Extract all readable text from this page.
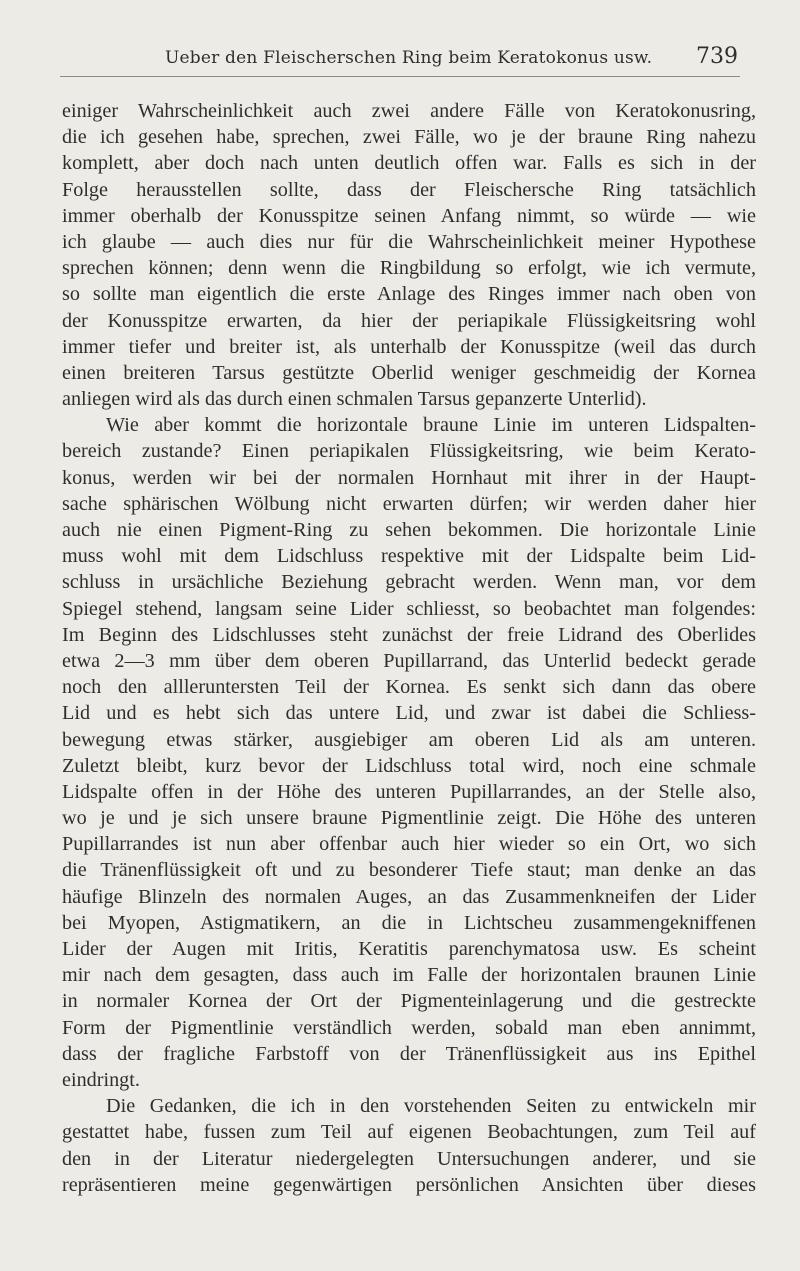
Ueber den Fleischerschen Ring beim Keratokonus usw. 739
einiger Wahrscheinlichkeit auch zwei andere Fälle von Keratokonusring,
die ich gesehen habe, sprechen, zwei Fälle, wo je der braune Ring nahezu
komplett, aber doch nach unten deutlich offen war. Falls es sich in der
Folge herausstellen sollte, dass der Fleischersche Ring tatsächlich
immer oberhalb der Konusspitze seinen Anfang nimmt, so würde — wie
ich glaube — auch dies nur für die Wahrscheinlichkeit meiner Hypothese
sprechen können; denn wenn die Ringbildung so erfolgt, wie ich vermute,
so sollte man eigentlich die erste Anlage des Ringes immer nach oben von
der Konusspitze erwarten, da hier der periapikale Flüssigkeitsring wohl
immer tiefer und breiter ist, als unterhalb der Konusspitze (weil das durch
einen breiteren Tarsus gestützte Oberlid weniger geschmeidig der Kornea
anliegen wird als das durch einen schmalen Tarsus gepanzerte Unterlid).
Wie aber kommt die horizontale braune Linie im unteren Lidspalten-
bereich zustande? Einen periapikalen Flüssigkeitsring, wie beim Kerato-
konus, werden wir bei der normalen Hornhaut mit ihrer in der Haupt-
sache sphärischen Wölbung nicht erwarten dürfen; wir werden daher hier
auch nie einen Pigment-Ring zu sehen bekommen. Die horizontale Linie
muss wohl mit dem Lidschluss respektive mit der Lidspalte beim Lid-
schluss in ursächliche Beziehung gebracht werden. Wenn man, vor dem
Spiegel stehend, langsam seine Lider schliesst, so beobachtet man folgendes:
Im Beginn des Lidschlusses steht zunächst der freie Lidrand des Oberlides
etwa 2—3 mm über dem oberen Pupillarrand, das Unterlid bedeckt gerade
noch den allleruntersten Teil der Kornea. Es senkt sich dann das obere
Lid und es hebt sich das untere Lid, und zwar ist dabei die Schliess-
bewegung etwas stärker, ausgiebiger am oberen Lid als am unteren.
Zuletzt bleibt, kurz bevor der Lidschluss total wird, noch eine schmale
Lidspalte offen in der Höhe des unteren Pupillarrandes, an der Stelle also,
wo je und je sich unsere braune Pigmentlinie zeigt. Die Höhe des unteren
Pupillarrandes ist nun aber offenbar auch hier wieder so ein Ort, wo sich
die Tränenflüssigkeit oft und zu besonderer Tiefe staut; man denke an das
häufige Blinzeln des normalen Auges, an das Zusammenkneifen der Lider
bei Myopen, Astigmatikern, an die in Lichtscheu zusammengekniffenen
Lider der Augen mit Iritis, Keratitis parenchymatosa usw. Es scheint
mir nach dem gesagten, dass auch im Falle der horizontalen braunen Linie
in normaler Kornea der Ort der Pigmenteinlagerung und die gestreckte
Form der Pigmentlinie verständlich werden, sobald man eben annimmt,
dass der fragliche Farbstoff von der Tränenflüssigkeit aus ins Epithel
eindringt.
Die Gedanken, die ich in den vorstehenden Seiten zu entwickeln mir
gestattet habe, fussen zum Teil auf eigenen Beobachtungen, zum Teil auf
den in der Literatur niedergelegten Untersuchungen anderer, und sie
repräsentieren meine gegenwärtigen persönlichen Ansichten über dieses
